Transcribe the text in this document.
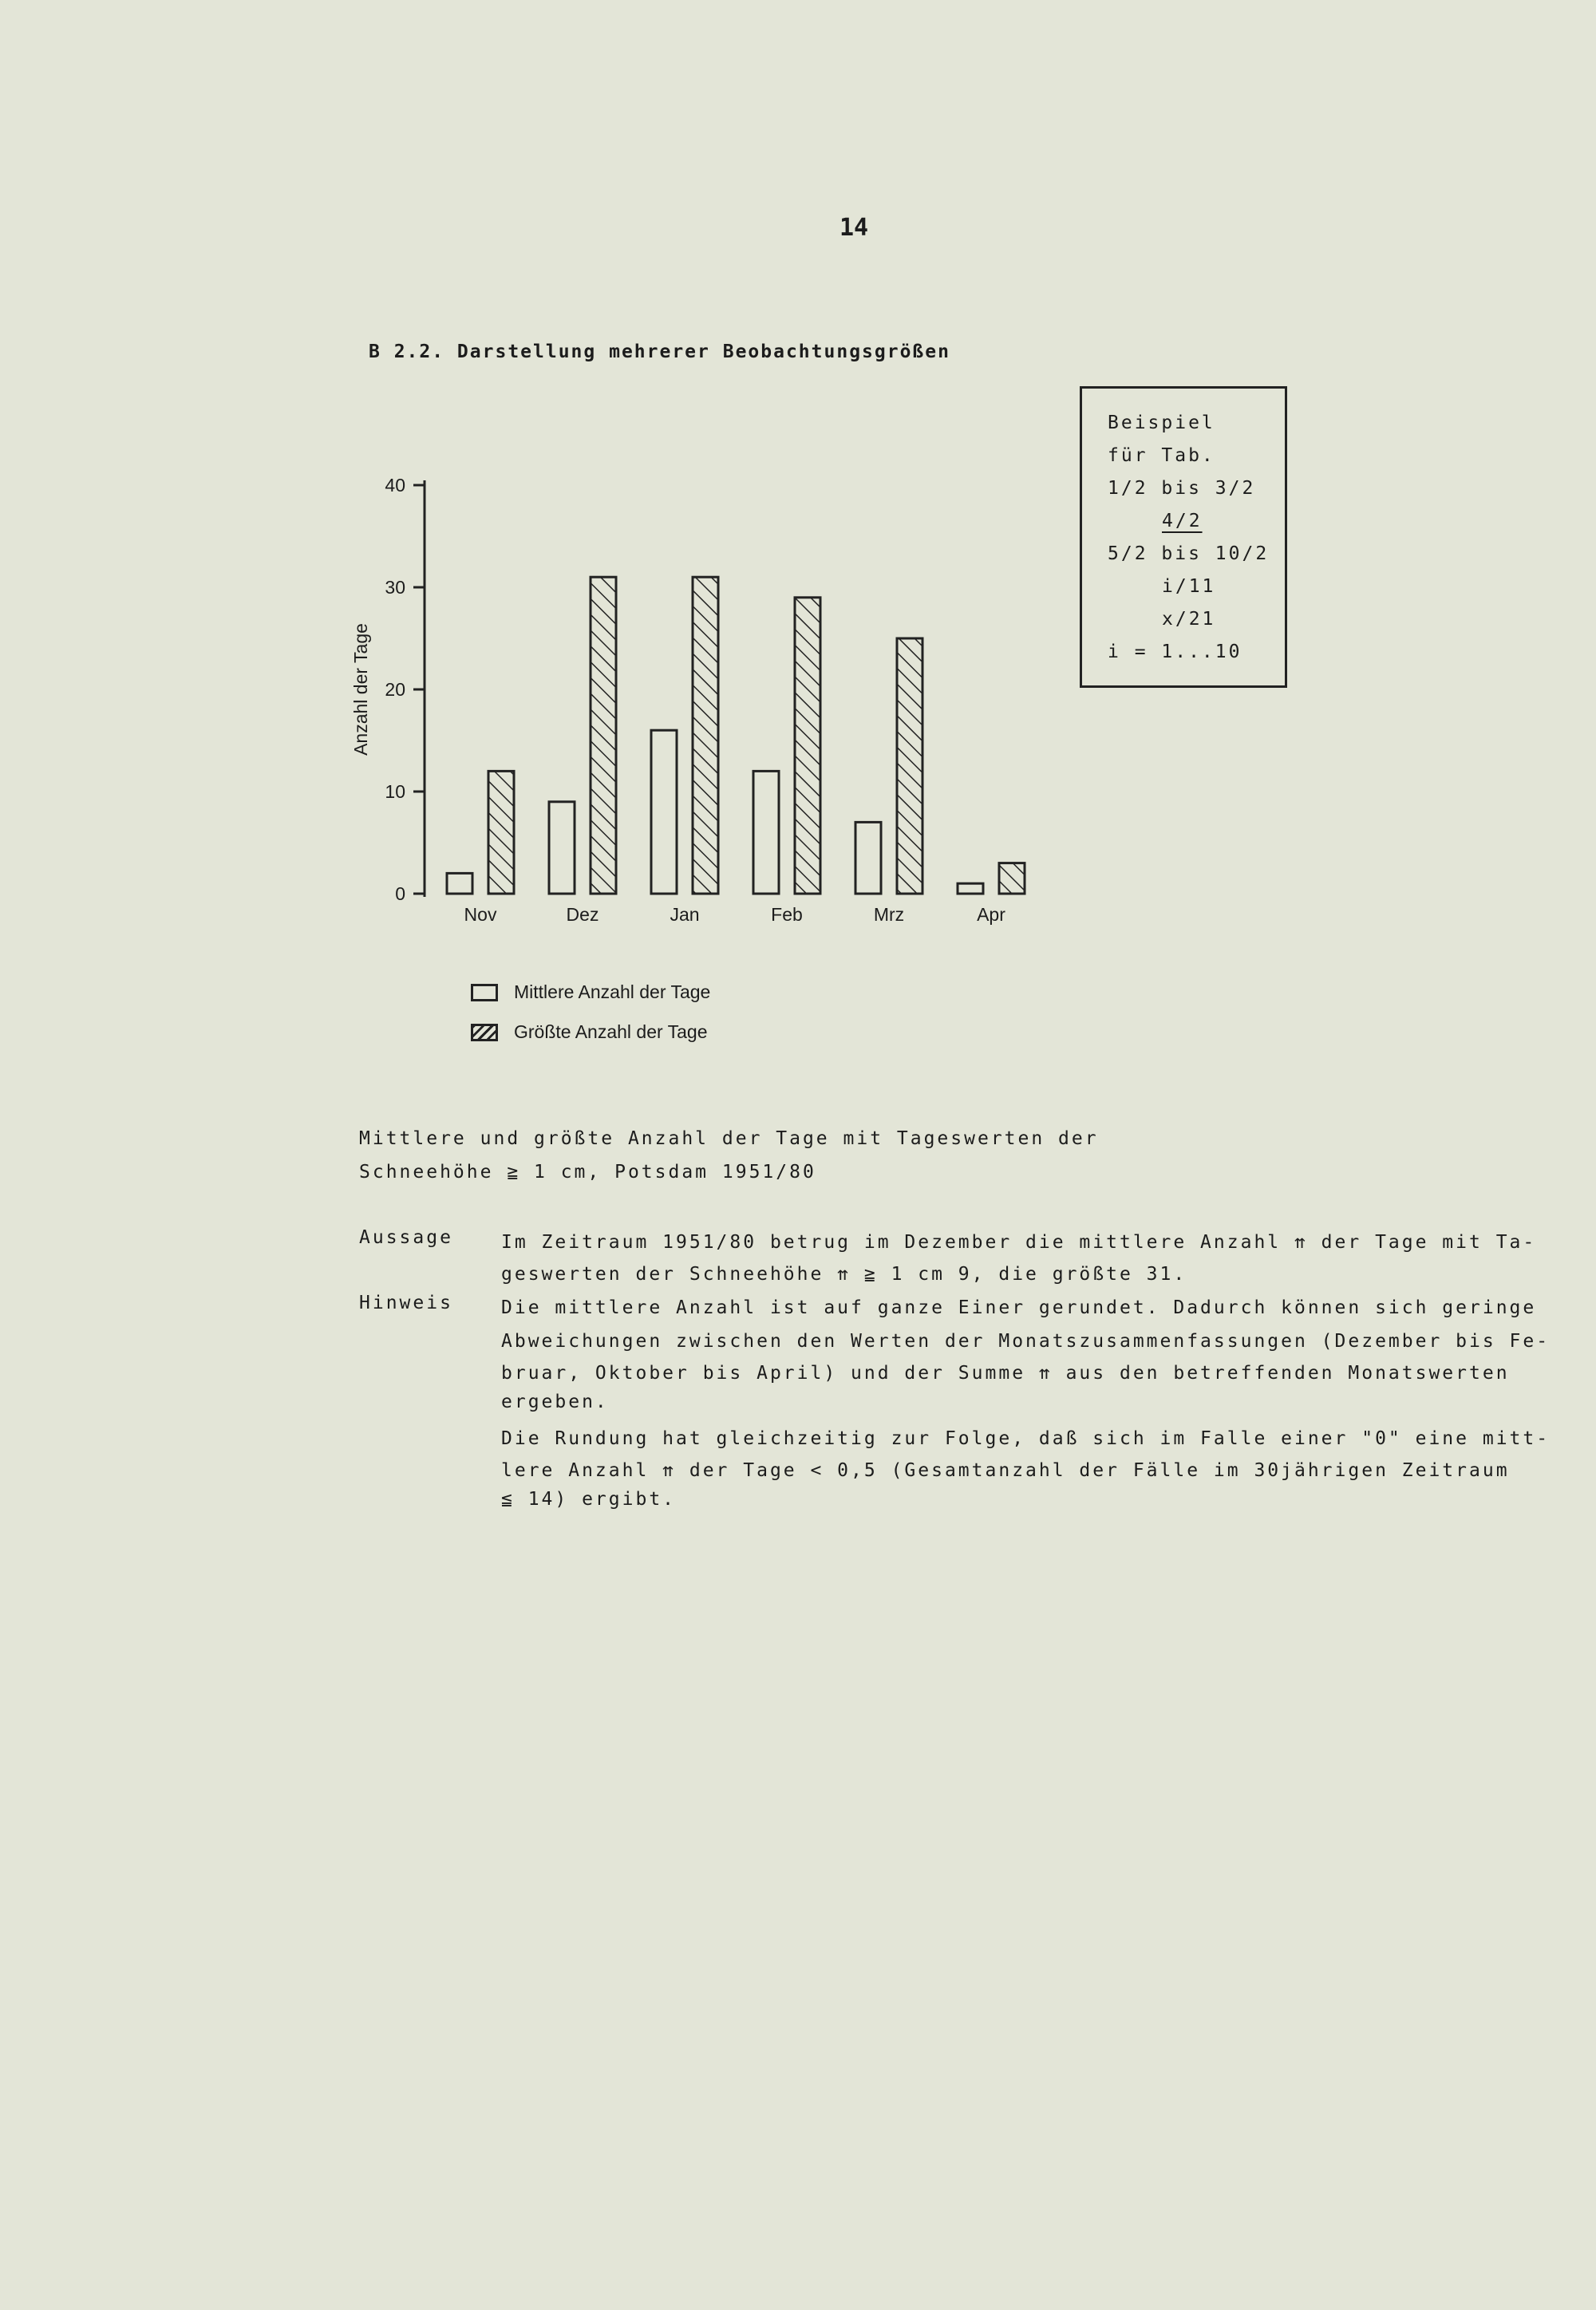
14
B 2.2. Darstellung mehrerer Beobachtungsgrößen
Beispiel
für Tab.
1/2 bis 3/2
4/2
5/2 bis 10/2
i/11
x/21
i = 1...10
0
10
20
30
40
Anzahl der Tage
Nov	Dez	Jan	Feb	Mrz	Apr
Mittlere Anzahl der Tage
Größte Anzahl der Tage
Mittlere und größte Anzahl der Tage mit Tageswerten der
Schneehöhe ≧ 1 cm, Potsdam 1951/80
Aussage	Im Zeitraum 1951/80 betrug im Dezember die mittlere Anzahl ⇈ der Tage mit Ta-
geswerten der Schneehöhe ⇈ ≧ 1 cm 9, die größte 31.
Hinweis	Die mittlere Anzahl ist auf ganze Einer gerundet. Dadurch können sich geringe
Abweichungen zwischen den Werten der Monatszusammenfassungen (Dezember bis Fe-
bruar, Oktober bis April) und der Summe ⇈ aus den betreffenden Monatswerten
ergeben.
Die Rundung hat gleichzeitig zur Folge, daß sich im Falle einer "0" eine mitt-
lere Anzahl ⇈ der Tage < 0,5 (Gesamtanzahl der Fälle im 30jährigen Zeitraum
≦ 14) ergibt.
